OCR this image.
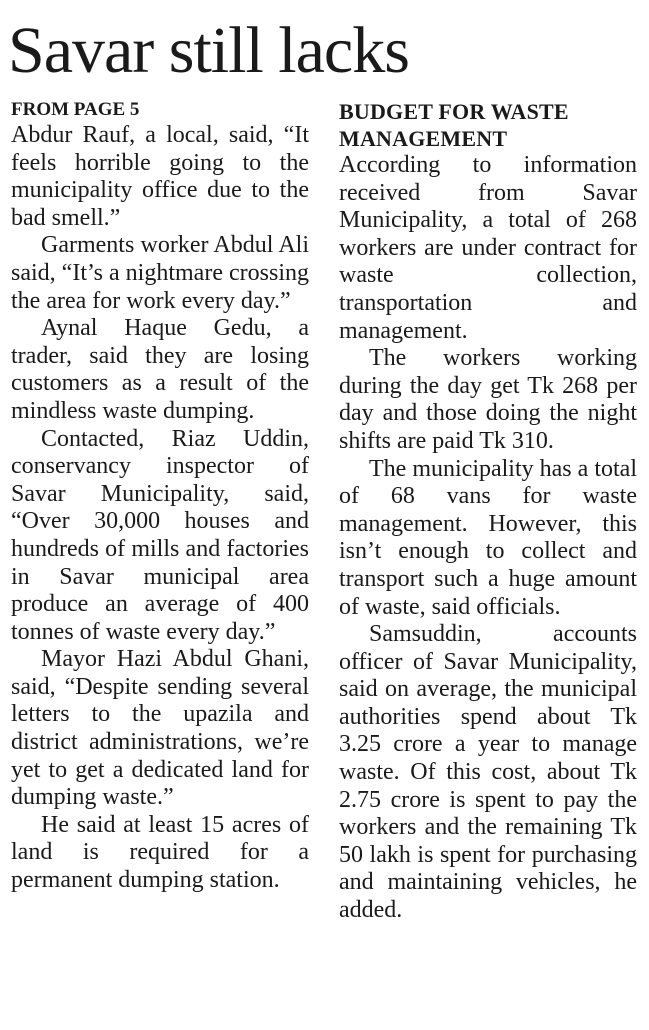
Savar still lacks
FROM PAGE 5

Abdur Rauf, a local, said, “It feels horrible going to the municipality office due to the bad smell.”

Garments worker Abdul Ali said, “It’s a nightmare crossing the area for work every day.”

Aynal Haque Gedu, a trader, said they are losing customers as a result of the mindless waste dumping.

Contacted, Riaz Uddin, conservancy inspector of Savar Municipality, said, “Over 30,000 houses and hundreds of mills and factories in Savar municipal area produce an average of 400 tonnes of waste every day.”

Mayor Hazi Abdul Ghani, said, “Despite sending several letters to the upazila and district administrations, we’re yet to get a dedicated land for dumping waste.”

He said at least 15 acres of land is required for a permanent dumping station.

BUDGET FOR WASTE MANAGEMENT

According to information received from Savar Municipality, a total of 268 workers are under contract for waste collection, transportation and management.

The workers working during the day get Tk 268 per day and those doing the night shifts are paid Tk 310.

The municipality has a total of 68 vans for waste management. However, this isn’t enough to collect and transport such a huge amount of waste, said officials.

Samsuddin, accounts officer of Savar Municipality, said on average, the municipal authorities spend about Tk 3.25 crore a year to manage waste. Of this cost, about Tk 2.75 crore is spent to pay the workers and the remaining Tk 50 lakh is spent for purchasing and maintaining vehicles, he added.
